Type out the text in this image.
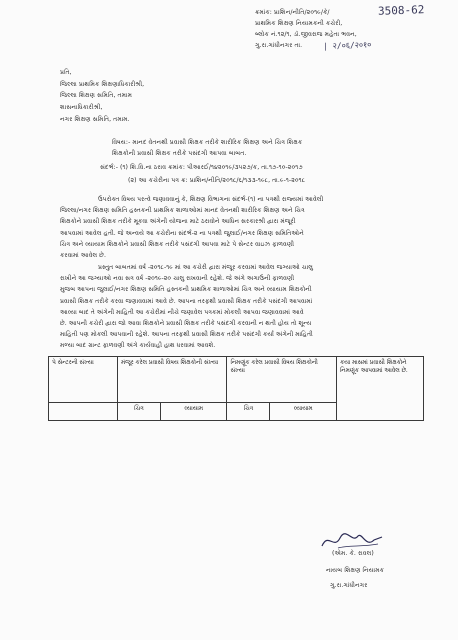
ક્રમાંક: પ્રાશિન/નીતિ/૨૦૧૯/કે/	3508-62
પ્રાથમિક શિક્ષણ નિયામકની કચેરી,
બ્લોક નં.૧૨/૧, ડૉ.જીવરાજ મહેતા ભવન,
ગુ.રા.ગાંધીનગર તા.	| २/०६/२०१०
પ્રતિ,
જિલ્લા પ્રાથમિક શિક્ષણાધિકારીશ્રી,
જિલ્લા શિક્ષણ સમિતિ, તમામ
શાસનાધિકારીશ્રી,
નગર શિક્ષણ સમિતિ, તમામ.
વિષય:- માનદ વેતનથી પ્રવાસી શિક્ષક તરીકે શારીરિક શિક્ષણ અને ચિત્ર શિક્ષક
શિક્ષકોની પ્રવાસી શિક્ષક તરીકે પસંદગી આપવા બાબત.
સંદર્ભ:- (૧) શિ.વિ.ના ઠરાવ ક્રમાંક: પીઆરઈ/૧૪૨૦૧૯/૩૫૨૭/ક, તા.૧૭-૧૦-૨૦૧૭
(૨) આ કચેરીના પત્ર ક્ર: પ્રાશિન/નીતિ/૨૦૧૮/૬/૧૩૩-૧૯૮, તા.૯-૧-૨૦૧૮
ઉપરોક્ત વિષય પરત્વે જણાવવાનું કે, શિક્ષણ વિભાગના સંદર્ભ-(૧) ના પત્રથી રાજ્યમાં આવેલી
જિલ્લા/નગર શિક્ષણ સમિતિ હસ્તકની પ્રાથમિક શાળાઓમાં માનદ વેતનથી શારીરિક શિક્ષણ અને ચિત્ર
શિક્ષકોને પ્રવાસી શિક્ષક તરીકે મૂકવા અંગેની યોજના માટે ઠરાવોને આધિન સરકારશ્રી દ્વારા મંજૂરી
આપવામાં આવેલ હતી. જે અન્વયે આ કચેરીના સંદર્ભ-૨ ના પત્રથી જુલાઈ/નગર શિક્ષણ સમિતિઓને
ચિત્ર અને વ્યાયામ શિક્ષકોને પ્રવાસી શિક્ષક તરીકે પસંદગી આપવા માટે પે સેન્ટર વાઇઝ ફાળવણી
કરવામાં આવેલ છે.
પ્રસ્તુત બાબતમાં વર્ષ -૨૦૧૮-૧૯ માં આ કચેરી દ્વારા મંજૂર કરવામાં આવેલ જગ્યાઓ ચાલુ
રાખીને આ જગ્યાઓ નવા સત્ર વર્ષ -૨૦૧૯-૨૦ ચાલુ રાખવાની રહેશે. જે અંગે અગાઉની ફાળવણી
મુજબ આપના જુલાઈ/નગર શિક્ષણ સમિતિ હસ્તકની પ્રાથમિક શાળાઓમાં ચિત્ર અને વ્યાયામ શિક્ષકોની
પ્રવાસી શિક્ષક તરીકે કરવા જણાવવામાં આવે છે. આપના તરફથી પ્રવાસી શિક્ષક તરીકે પસંદગી આપવામાં
આવ્યા બાદ તે અંગેની માહિતી આ કચેરીમાં નીચે જણાવેલ પત્રકમાં મોકલી આપવા જણાવવામાં આવે
છે. આપની કચેરી દ્વારા જો આવા શિક્ષકોને પ્રવાસી શિક્ષક તરીકે પસંદગી કરવાની ન થતી હોય તો શૂન્ય
માહિતી પણ મોકલી આપવાની રહેશે. આપના તરફથી પ્રવાસી શિક્ષક તરીકે પસંદગી કર્યા અંગેની માહિતી
મળ્યા બાદ ગ્રાન્ટ ફાળવણી અંગે કાર્યવાહી હાથ ધરવામાં આવશે.
પે સેન્ટરની સંખ્યા	મંજૂર કરેલ પ્રવાસી વિષય શિક્ષકોની સંખ્યા		નિમણૂંક કરેલ પ્રવાસી વિષય શિક્ષકોની સંખ્યા		કયા માસમાં પ્રવાસી શિક્ષકોને નિમણૂંક આપવામાં આવેલ છે.
	ચિત્ર	વ્યાયામ	ચિત્ર	વ્યાયામ	
(એમ. કે. રાવલ)
નાયબ શિક્ષણ નિયામક
ગુ.રા.ગાંધીનગર
